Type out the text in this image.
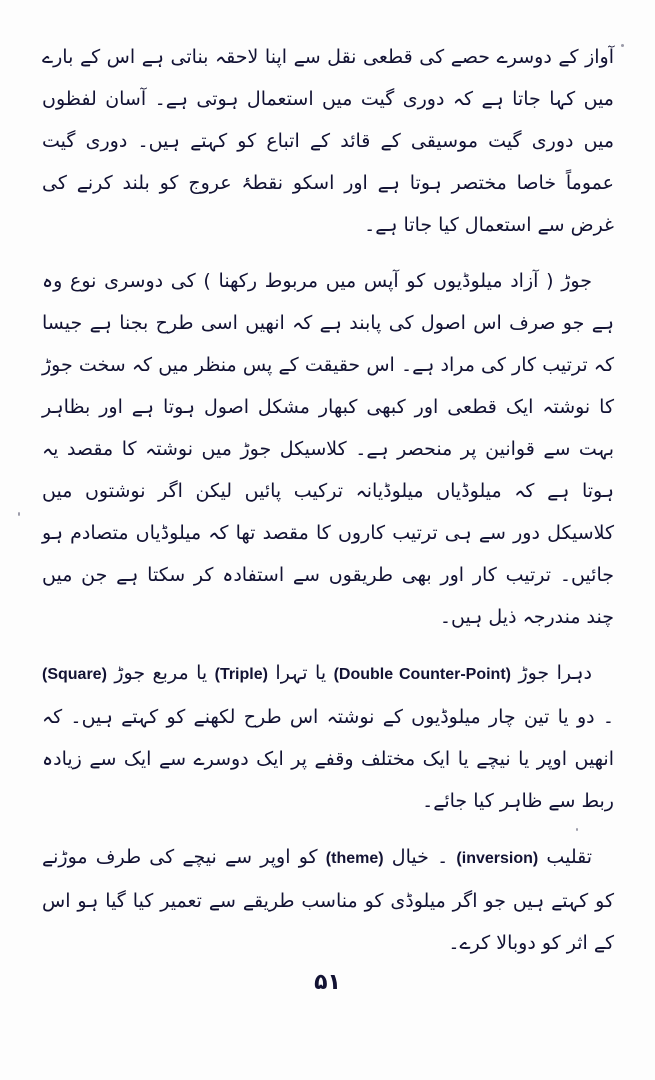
آواز کے دوسرے حصے کی قطعی نقل سے اپنا لاحقہ بناتی ہے اس کے بارے میں کہا جاتا ہے کہ دوری گیت میں استعمال ہوتی ہے۔ آسان لفظوں میں دوری گیت موسیقی کے قائد کے اتباع کو کہتے ہیں۔ دوری گیت عموماً خاصا مختصر ہوتا ہے اور اسکو نقطۂ عروج کو بلند کرنے کی غرض سے استعمال کیا جاتا ہے۔

جوڑ ( آزاد میلوڈیوں کو آپس میں مربوط رکھنا ) کی دوسری نوع وہ ہے جو صرف اس اصول کی پابند ہے کہ انھیں اسی طرح بجنا ہے جیسا کہ ترتیب کار کی مراد ہے۔ اس حقیقت کے پس منظر میں کہ سخت جوڑ کا نوشتہ ایک قطعی اور کبھی کبھار مشکل اصول ہوتا ہے اور بظاہر بہت سے قوانین پر منحصر ہے۔ کلاسیکل جوڑ میں نوشتہ کا مقصد یہ ہوتا ہے کہ میلوڈیاں میلوڈیانہ ترکیب پائیں لیکن اگر نوشتوں میں کلاسیکل دور سے ہی ترتیب کاروں کا مقصد تھا کہ میلوڈیاں متصادم ہو جائیں۔ ترتیب کار اور بھی طریقوں سے استفادہ کر سکتا ہے جن میں چند مندرجہ ذیل ہیں۔

دہرا جوڑ (Double Counter-Point) یا تہرا (Triple) یا مربع جوڑ (Square) ۔ دو یا تین چار میلوڈیوں کے نوشتہ اس طرح لکھنے کو کہتے ہیں۔ کہ انھیں اوپر یا نیچے یا ایک مختلف وقفے پر ایک دوسرے سے ایک سے زیادہ ربط سے ظاہر کیا جائے۔

تقلیب (inversion) ۔ خیال (theme) کو اوپر سے نیچے کی طرف موڑنے کو کہتے ہیں جو اگر میلوڈی کو مناسب طریقے سے تعمیر کیا گیا ہو اس کے اثر کو دوبالا کرے۔

۵۱
